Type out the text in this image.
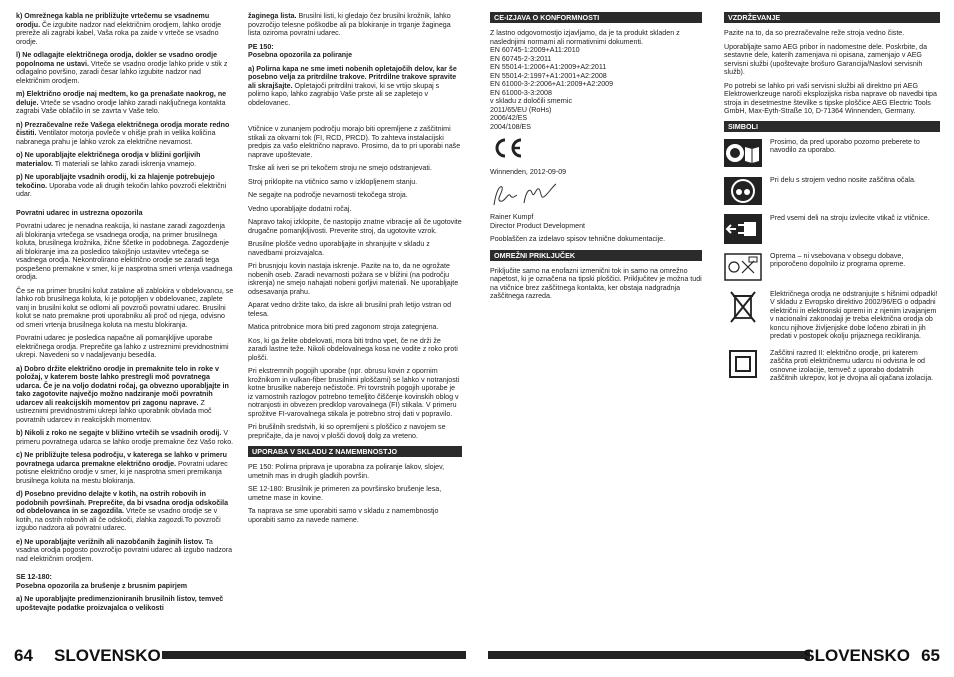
k) Omrežnega kabla ne približujte vrtečemu se vsadnemu orodju. Če izgubite nadzor nad električnim orodjem, lahko orodje prereže ali zagrabi kabel, Vaša roka pa zaide v vrteče se vsadno orodje.

l) Ne odlagajte električnega orodja, dokler se vsadno orodje popolnoma ne ustavi. Vrteče se vsadno orodje lahko pride v stik z odlagalno površino, zaradi česar lahko izgubite nadzor nad električnim orodjem.

m) Električno orodje naj medtem, ko ga prenašate naokrog, ne deluje. Vrteče se vsadno orodje lahko zaradi naključnega kontakta zagrabi Vaše oblačilo in se zavrta v Vaše telo.

n) Prezračevalne reže Vašega električnega orodja morate redno čistiti. Ventilator motorja povleče v ohišje prah in velika količina nabranega prahu je lahko vzrok za električne nevarnost.

o) Ne uporabljajte električnega orodja v bližini gorljivih materialov. Ti materiali se lahko zaradi iskrenja vnamejo.

p) Ne uporabljajte vsadnih orodij, ki za hlajenje potrebujejo tekočino. Uporaba vode ali drugih tekočin lahko povzroči električni udar.

Povratni udarec in ustrezna opozorila

Povratni udarec je nenadna reakcija, ki nastane zaradi zagozdenja ali blokiranja vrtečega se vsadnega orodja, na primer brusilnega koluta, brusilnega krožnika, žične ščetke in podobnega. Zagozdenje ali blokiranje ima za posledico takojšnjo ustavitev vrtečega se vsadnega orodja. Nekontrolirano električno orodje se zaradi tega pospešeno premakne v smer, ki je nasprotna smeri vrtenja vsadnega orodja.

Če se na primer brusilni kolut zatakne ali zablokira v obdelovancu, se lahko rob brusilnega koluta, ki je potopljen v obdelovanec, zaplete vanj in brusilni kolut se odlomi ali povzroči povratni udarec. Brusilni kolut se nato premakne proti uporabniku ali proč od njega, odvisno od smeri vrtenja brusilnega koluta na mestu blokiranja.

Povratni udarec je posledica napačne ali pomanjkljive uporabe električnega orodja. Preprečite ga lahko z ustreznimi previdnostnimi ukrepi. Navedeni so v nadaljevanju besedila.

a) Dobro držite električno orodje in premaknite telo in roke v položaj, v katerem boste lahko prestregli moč povratnega udarca. Če je na voljo dodatni ročaj, ga obvezno uporabljajte in tako zagotovite največjo možno nadziranje moči povratnih udarcev ali reakcijskih momentov pri zagonu naprave. Z ustreznimi previdnostnimi ukrepi lahko uporabnik obvlada moč povratnih udarcev in reakcijskih momentov.

b) Nikoli z roko ne segajte v bližino vrtečih se vsadnih orodij. V primeru povratnega udarca se lahko orodje premakne čez Vašo roko.

c) Ne približujte telesa področju, v katerega se lahko v primeru povratnega udarca premakne električno orodje. Povratni udarec potisne električno orodje v smer, ki je nasprotna smeri premikanja brusilnega koluta na mestu blokiranja.

d) Posebno previdno delajte v kotih, na ostrih robovih in podobnih površinah. Preprečite, da bi vsadna orodja odskočila od obdelovanca in se zagozdila. Vrteče se vsadno orodje se v kotih, na ostrih robovih ali če odskoči, zlahka zagozdi.To povzroči izgubo nadzora ali povratni udarec.

e) Ne uporabljajte verižnih ali nazobčanih žaginih listov. Ta vsadna orodja pogosto povzročijo povratni udarec ali izgubo nadzora nad električnim orodjem.

SE 12-180:
Posebna opozorila za brušenje z brusnim papirjem

a) Ne uporabljajte predimenzioniranih brusilnih listov, temveč upoštevajte podatke proizvajalca o velikosti

žaginega lista. Brusilni listi, ki gledajo čez brusilni krožnik, lahko povzročijo telesne poškodbe ali pa blokiranje in trganje žaginega lista oziroma povratni udarec.

PE 150:
Posebna opozorila za poliranje

a) Polirna kapa ne sme imeti nobenih opletajočih delov, kar še posebno velja za pritrdilne trakove. Pritrdilne trakove spravite ali skrajšajte. Opletajoči pritrdilni trakovi, ki se vrtijo skupaj s polirno kapo, lahko zagrabijo Vaše prste ali se zapletejo v obdelovanec.

Vtičnice v zunanjem področju morajo biti opremljene z zaščitnimi stikali za okvarni tok (FI, RCD, PRCD). To zahteva instalacijski predpis za vašo električno napravo. Prosimo, da to pri uporabi naše naprave upoštevate.

Trske ali iveri se pri tekočem stroju ne smejo odstranjevati.

Stroj priklopite na vtičnico samo v izklopljenem stanju.

Ne segajte na področje nevarnosti tekočega stroja.

Vedno uporabljajte dodatni ročaj.

Napravo takoj izklopite, če nastopijo znatne vibracije ali če ugotovite drugačne pomanjkljivosti. Preverite stroj, da ugotovite vzrok.

Brusilne plošče vedno uporabljajte in shranjujte v skladu z navedbami proizvajalca.

Pri brusnjoju kovin nastaja iskrenje. Pazite na to, da ne ogrožate nobenih oseb. Zaradi nevarnosti požara se v bližini (na področju iskrenja) ne smejo nahajati nobeni gorljivi materiali. Ne uporabljajte odsesavanja prahu.

Aparat vedno držite tako, da iskre ali brusilni prah letijo vstran od telesa.

Matica pritrobnice mora biti pred zagonom stroja zategnjena.

Kos, ki ga želite obdelovati, mora biti trdno vpet, če ne drži že zaradi lastne teže. Nikoli obdelovalnega kosa ne vodite z roko proti plošči.

Pri ekstremnih pogojih uporabe (npr. obrusu kovin z opornim krožnikom in vulkan-fiber brusilnimi ploščami) se lahko v notranjosti kotne brusilke naberejo nečistoče. Pri tovrstnih pogojih uporabe je iz varnostnih razlogov potrebno temeljito čiščenje kovinskih oblog v notranjosti in obvezen predklop varovalnega (FI) stikala. V primeru sprožitve FI-varovalnega stikala je potrebno stroj dati v popravilo.

Pri brušilnih sredstvih, ki so opremljeni s ploščico z navojem se prepričajte, da je navoj v plošči dovolj dolg za vreteno.

UPORABA V SKLADU Z NAMEMBNOSTJO

PE 150: Polirna priprava je uporabna za poliranje lakov, slojev, umetnih mas in drugih gladkih površin.

SE 12-180: Brusilnik je primeren za površinsko brušenje lesa, umetne mase in kovine.

Ta naprava se sme uporabiti samo v skladu z namembnostjo uporabiti samo za navede namene.

CE-IZJAVA O KONFORMNOSTI
Z lastno odgovornostjo izjavljamo, da je ta produkt skladen z naslednjimi normami ali normativnimi dokumenti.
EN 60745-1:2009+A11:2010
EN 60745-2-3:2011
EN 55014-1:2006+A1:2009+A2:2011
EN 55014-2:1997+A1:2001+A2:2008
EN 61000-3-2:2006+A1:2009+A2:2009
EN 61000-3-3:2008
v skladu z določili smernic
2011/65/EU (RoHs)
2006/42/ES
2004/108/ES

Winnenden, 2012-09-09

Rainer Kumpf

Director Product Development

Pooblaščen za izdelavo spisov tehnične dokumentacije.

OMREŽNI PRIKLJUČEK

Priključite samo na enofazni izmenični tok in samo na omrežno napetost, ki je označena na tipski ploščici. Priključitev je možna tudi na vtičnice brez zaščitnega kontakta, ker obstaja nadgradnja zaščitnega razreda.

VZDRŽEVANJE

Pazite na to, da so prezračevalne reže stroja vedno čiste.

Uporabljajte samo AEG pribor in nadomestne dele. Poskrbite, da sestavne dele, katerih zamenjava ni opisana, zamenjajo v AEG servisni službi (upoštevajte brošuro Garancija/Naslovi servisnih služb).

Po potrebi se lahko pri vaši servisni službi ali direktno pri AEG Elektrowerkzeuge naroči eksplozijska risba naprave ob navedbi tipa stroja in desetmestne številke s tipske ploščice AEG Electric Tools GmbH, Max-Eyth-Straße 10, D-71364 Winnenden, Germany.

SIMBOLI
Prosimo, da pred uporabo pozorno preberete to navodilo za uporabo.
Pri delu s strojem vedno nosite zaščitna očala.
Pred vsemi deli na stroju izvlecite vtikač iz vtičnice.
Oprema – ni vsebovana v obsegu dobave, priporočeno dopolnilo iz programa opreme.
Električnega orodja ne odstranjujte s hišnimi odpadki! V skladu z Evropsko direktivo 2002/96/EG o odpadni električni in elektronski opremi in z njenim izvajanjem v nacionalni zakonodaji je treba električna orodja ob koncu njihove življenjske dobe ločeno zbirati in jih predati v postopek okolju prijaznega recikliranja.
Zaščitni razred II: električno orodje, pri katerem zaščita proti električnemu udarcu ni odvisna le od osnovne izolacije, temveč z uporabo dodatnih zaščitnih ukrepov, kot je dvojna ali ojačana izolacija.
64 SLOVENSKO	SLOVENSKO 65
